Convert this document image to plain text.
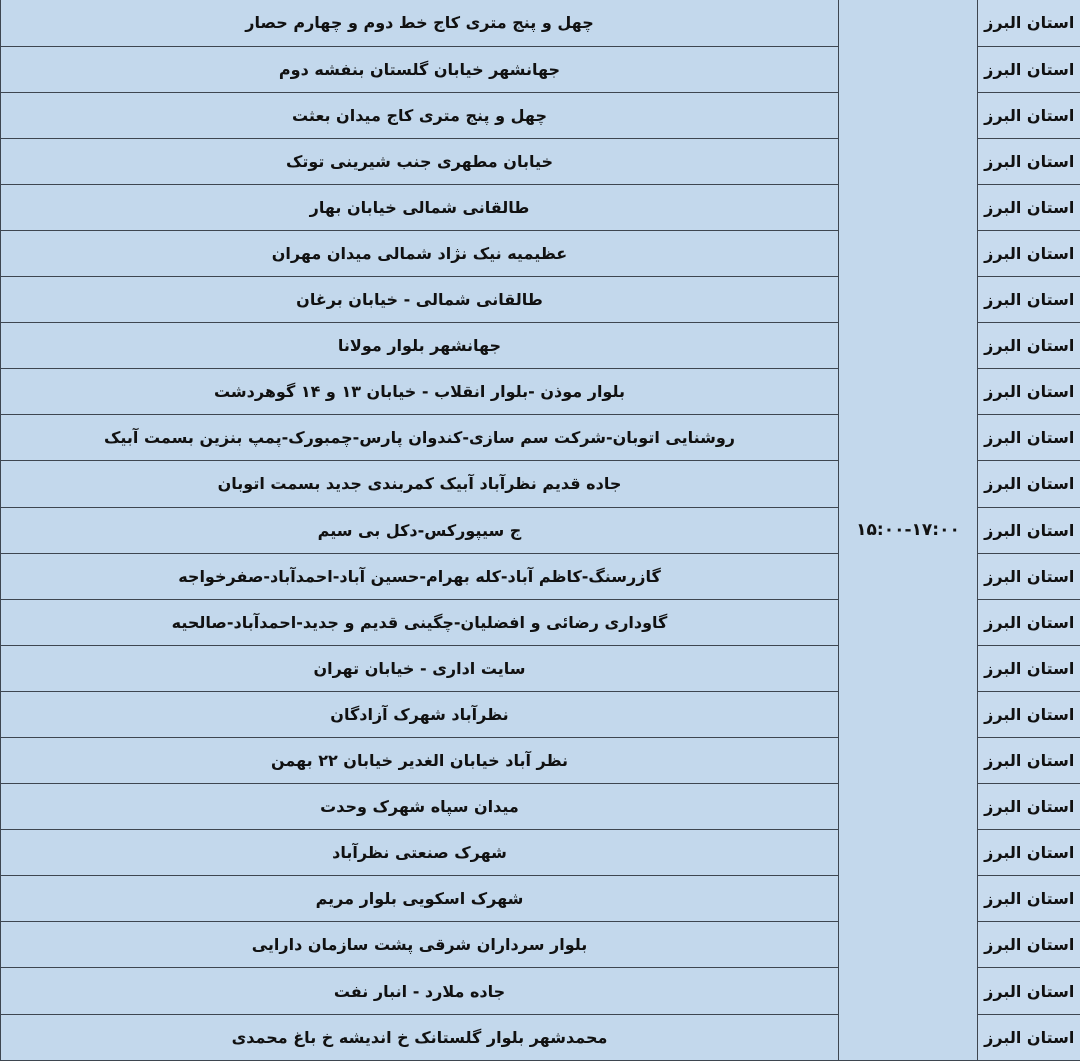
استان البرز	۱۵:۰۰-۱۷:۰۰	چهل و پنج متری کاج خط دوم و چهارم حصار
استان البرز		جهانشهر خیابان گلستان بنفشه دوم
استان البرز		چهل و پنج متری کاج میدان بعثت
استان البرز		خیابان مطهری جنب شیرینی توتک
استان البرز		طالقانی شمالی خیابان بهار
استان البرز		عظیمیه نیک نژاد شمالی میدان مهران
استان البرز		طالقانی شمالی - خیابان برغان
استان البرز		جهانشهر بلوار مولانا
استان البرز		بلوار موذن -بلوار انقلاب - خیابان ۱۳ و ۱۴ گوهردشت
استان البرز		روشنایی اتوبان-شرکت سم سازی-کندوان پارس-چمبورک-پمپ بنزین بسمت آبیک
استان البرز		جاده قدیم نظرآباد آبیک کمربندی جدید بسمت اتوبان
استان البرز		ج سیپورکس-دکل بی سیم
استان البرز		گازرسنگ-کاظم آباد-کله بهرام-حسین آباد-احمدآباد-صفرخواجه
استان البرز		گاوداری رضائی و افضلیان-چگینی قدیم و جدید-احمدآباد-صالحیه
استان البرز		سایت اداری - خیابان تهران
استان البرز		نظرآباد شهرک آزادگان
استان البرز		نظر آباد خیابان الغدیر خیابان ۲۲ بهمن
استان البرز		میدان سپاه شهرک وحدت
استان البرز		شهرک صنعتی نظرآباد
استان البرز		شهرک اسکویی بلوار مریم
استان البرز		بلوار سرداران شرقی پشت سازمان دارایی
استان البرز		جاده ملارد - انبار نفت
استان البرز		محمدشهر بلوار گلستانک خ اندیشه خ باغ محمدی
